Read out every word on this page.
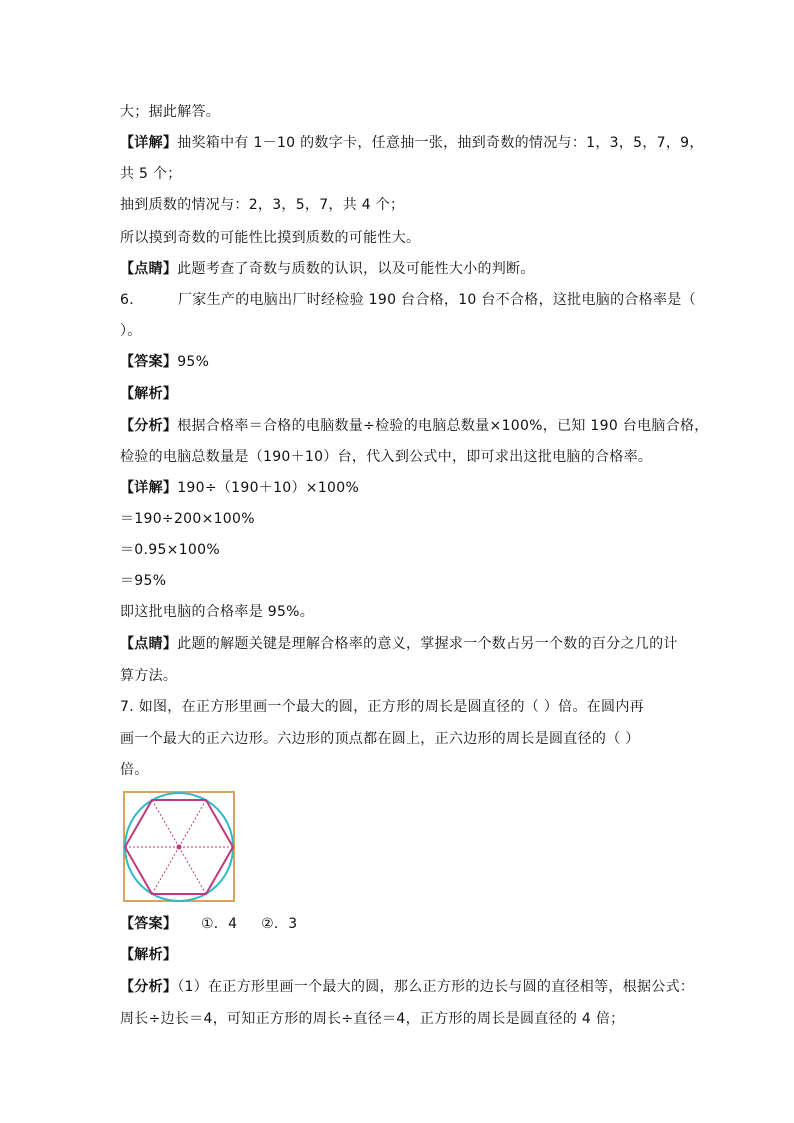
大；据此解答。
【详解】抽奖箱中有 1－10 的数字卡，任意抽一张，抽到奇数的情况与：1，3，5，7，9，
共 5 个；
抽到质数的情况与：2，3，5，7，共 4 个；
所以摸到奇数的可能性比摸到质数的可能性大。
【点睛】此题考查了奇数与质数的认识，以及可能性大小的判断。
6.	厂家生产的电脑出厂时经检验 190 台合格，10 台不合格，这批电脑的合格率是（
）。
【答案】95%
【解析】
【分析】根据合格率＝合格的电脑数量÷检验的电脑总数量×100%，已知 190 台电脑合格，
检验的电脑总数量是（190＋10）台，代入到公式中，即可求出这批电脑的合格率。
【详解】190÷（190＋10）×100%
＝190÷200×100%
＝0.95×100%
＝95%
即这批电脑的合格率是 95%。
【点睛】此题的解题关键是理解合格率的意义，掌握求一个数占另一个数的百分之几的计
算方法。
7. 如图，在正方形里画一个最大的圆，正方形的周长是圆直径的（ ）倍。在圆内再
画一个最大的正六边形。六边形的顶点都在圆上，正六边形的周长是圆直径的（ ）
倍。
【答案】     ①．4     ②．3
【解析】
【分析】（1）在正方形里画一个最大的圆，那么正方形的边长与圆的直径相等，根据公式：
周长÷边长＝4，可知正方形的周长÷直径＝4，正方形的周长是圆直径的 4 倍；
